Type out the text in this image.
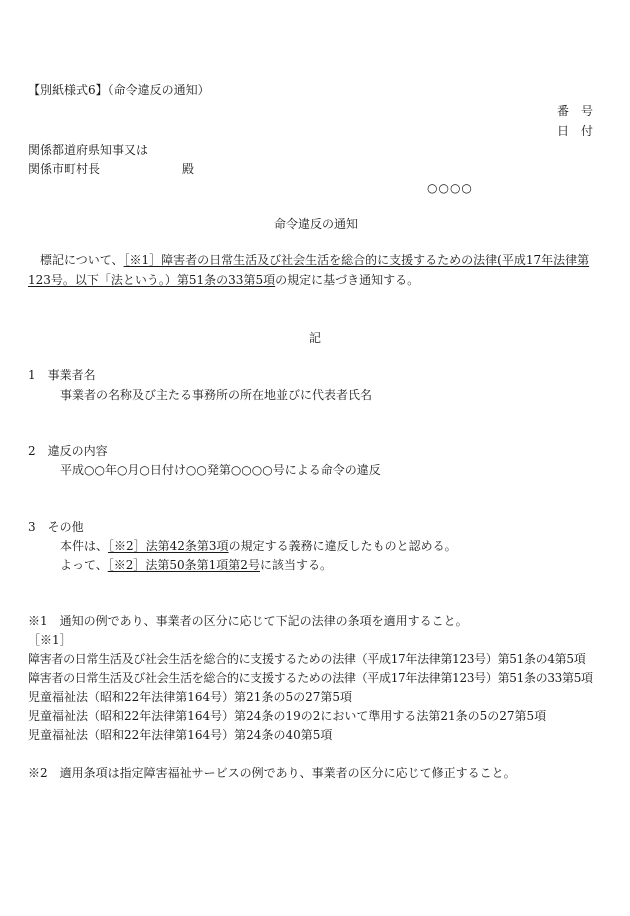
【別紙様式6】（命令違反の通知）
番　号
日　付
関係都道府県知事又は
関係市町村長	殿
○○○○
命令違反の通知
　標記について、［※1］障害者の日常生活及び社会生活を総合的に支援するための法律(平成17年法律第123号。以下「法という。）第51条の33第5項の規定に基づき通知する。
記
1　事業者名
事業者の名称及び主たる事務所の所在地並びに代表者氏名
2　違反の内容
平成○○年○月○日付け○○発第○○○○号による命令の違反
3　その他
本件は、［※2］法第42条第3項の規定する義務に違反したものと認める。
よって、［※2］法第50条第1項第2号に該当する。
※1　通知の例であり、事業者の区分に応じて下記の法律の条項を適用すること。
［※1］
障害者の日常生活及び社会生活を総合的に支援するための法律（平成17年法律第123号）第51条の4第5項
障害者の日常生活及び社会生活を総合的に支援するための法律（平成17年法律第123号）第51条の33第5項
児童福祉法（昭和22年法律第164号）第21条の5の27第5項
児童福祉法（昭和22年法律第164号）第24条の19の2において準用する法第21条の5の27第5項
児童福祉法（昭和22年法律第164号）第24条の40第5項
※2　適用条項は指定障害福祉サービスの例であり、事業者の区分に応じて修正すること。
